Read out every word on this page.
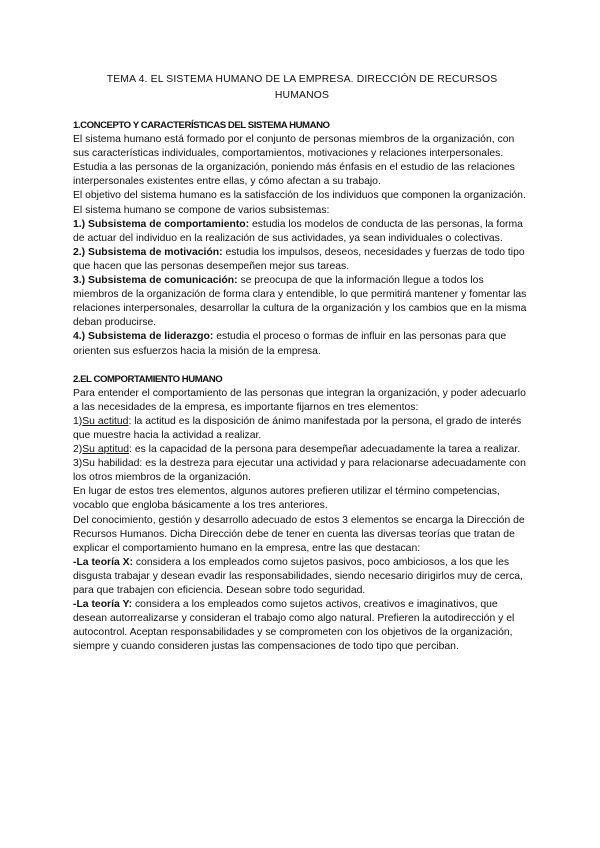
TEMA 4. EL SISTEMA HUMANO DE LA EMPRESA. DIRECCIÓN DE RECURSOS HUMANOS
1.CONCEPTO Y CARACTERÍSTICAS DEL SISTEMA HUMANO

El sistema humano está formado por el conjunto de personas miembros de la organización, con sus características individuales, comportamientos, motivaciones y relaciones interpersonales. Estudia a las personas de la organización, poniendo más énfasis en el estudio de las relaciones interpersonales existentes entre ellas, y cómo afectan a su trabajo.

El objetivo del sistema humano es la satisfacción de los individuos que componen la organización.

El sistema humano se compone de varios subsistemas:

1.) Subsistema de comportamiento: estudia los modelos de conducta de las personas, la forma de actuar del individuo en la realización de sus actividades, ya sean individuales o colectivas.

2.) Subsistema de motivación: estudia los impulsos, deseos, necesidades y fuerzas de todo tipo que hacen que las personas desempeñen mejor sus tareas.

3.) Subsistema de comunicación: se preocupa de que la información llegue a todos los miembros de la organización de forma clara y entendible, lo que permitirá mantener y fomentar las relaciones interpersonales, desarrollar la cultura de la organización y los cambios que en la misma deban producirse.

4.) Subsistema de liderazgo: estudia el proceso o formas de influir en las personas para que orienten sus esfuerzos hacia la misión de la empresa.

2.EL COMPORTAMIENTO HUMANO

Para entender el comportamiento de las personas que integran la organización, y poder adecuarlo a las necesidades de la empresa, es importante fijarnos en tres elementos:

1)Su actitud: la actitud es la disposición de ánimo manifestada por la persona, el grado de interés que muestre hacia la actividad a realizar.

2)Su aptitud: es la capacidad de la persona para desempeñar adecuadamente la tarea a realizar.

3)Su habilidad: es la destreza para ejecutar una actividad y para relacionarse adecuadamente con los otros miembros de la organización.

En lugar de estos tres elementos, algunos autores prefieren utilizar el término competencias, vocablo que engloba básicamente a los tres anteriores.

Del conocimiento, gestión y desarrollo adecuado de estos 3 elementos se encarga la Dirección de Recursos Humanos. Dicha Dirección debe de tener en cuenta las diversas teorías que tratan de explicar el comportamiento humano en la empresa, entre las que destacan:

-La teoría X: considera a los empleados como sujetos pasivos, poco ambiciosos, a los que les disgusta trabajar y desean evadir las responsabilidades, siendo necesario dirigirlos muy de cerca, para que trabajen con eficiencia. Desean sobre todo seguridad.

-La teoría Y: considera a los empleados como sujetos activos, creativos e imaginativos, que desean autorrealizarse y consideran el trabajo como algo natural. Prefieren la autodirección y el autocontrol. Aceptan responsabilidades y se comprometen con los objetivos de la organización, siempre y cuando consideren justas las compensaciones de todo tipo que perciban.
